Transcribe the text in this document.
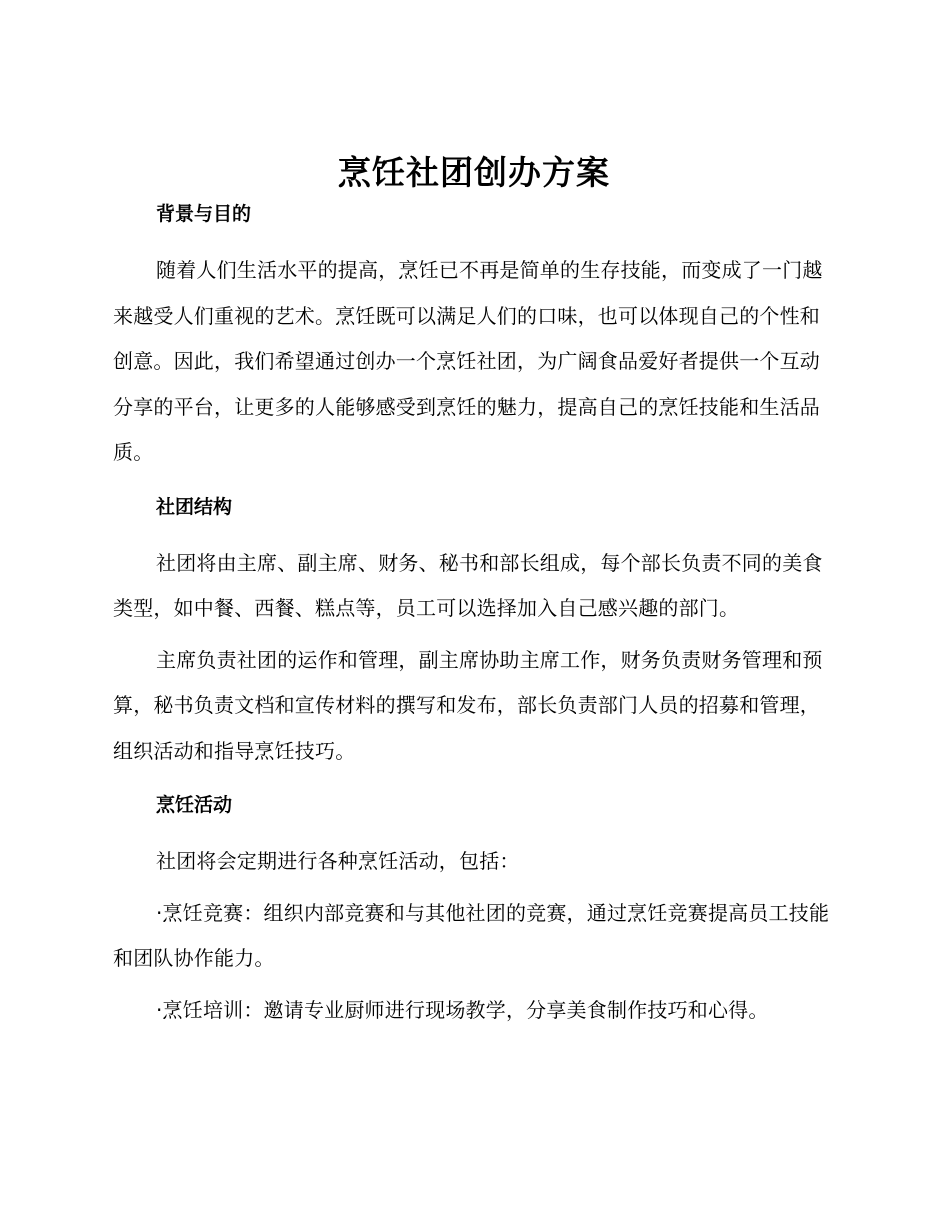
烹饪社团创办方案
背景与目的

随着人们生活水平的提高，烹饪已不再是简单的生存技能，而变成了一门越来越受人们重视的艺术。烹饪既可以满足人们的口味，也可以体现自己的个性和创意。因此，我们希望通过创办一个烹饪社团，为广阔食品爱好者提供一个互动分享的平台，让更多的人能够感受到烹饪的魅力，提高自己的烹饪技能和生活品质。

社团结构

社团将由主席、副主席、财务、秘书和部长组成，每个部长负责不同的美食类型，如中餐、西餐、糕点等，员工可以选择加入自己感兴趣的部门。

主席负责社团的运作和管理，副主席协助主席工作，财务负责财务管理和预算，秘书负责文档和宣传材料的撰写和发布，部长负责部门人员的招募和管理，组织活动和指导烹饪技巧。

烹饪活动

社团将会定期进行各种烹饪活动，包括：

·烹饪竞赛：组织内部竞赛和与其他社团的竞赛，通过烹饪竞赛提高员工技能和团队协作能力。

·烹饪培训：邀请专业厨师进行现场教学，分享美食制作技巧和心得。
